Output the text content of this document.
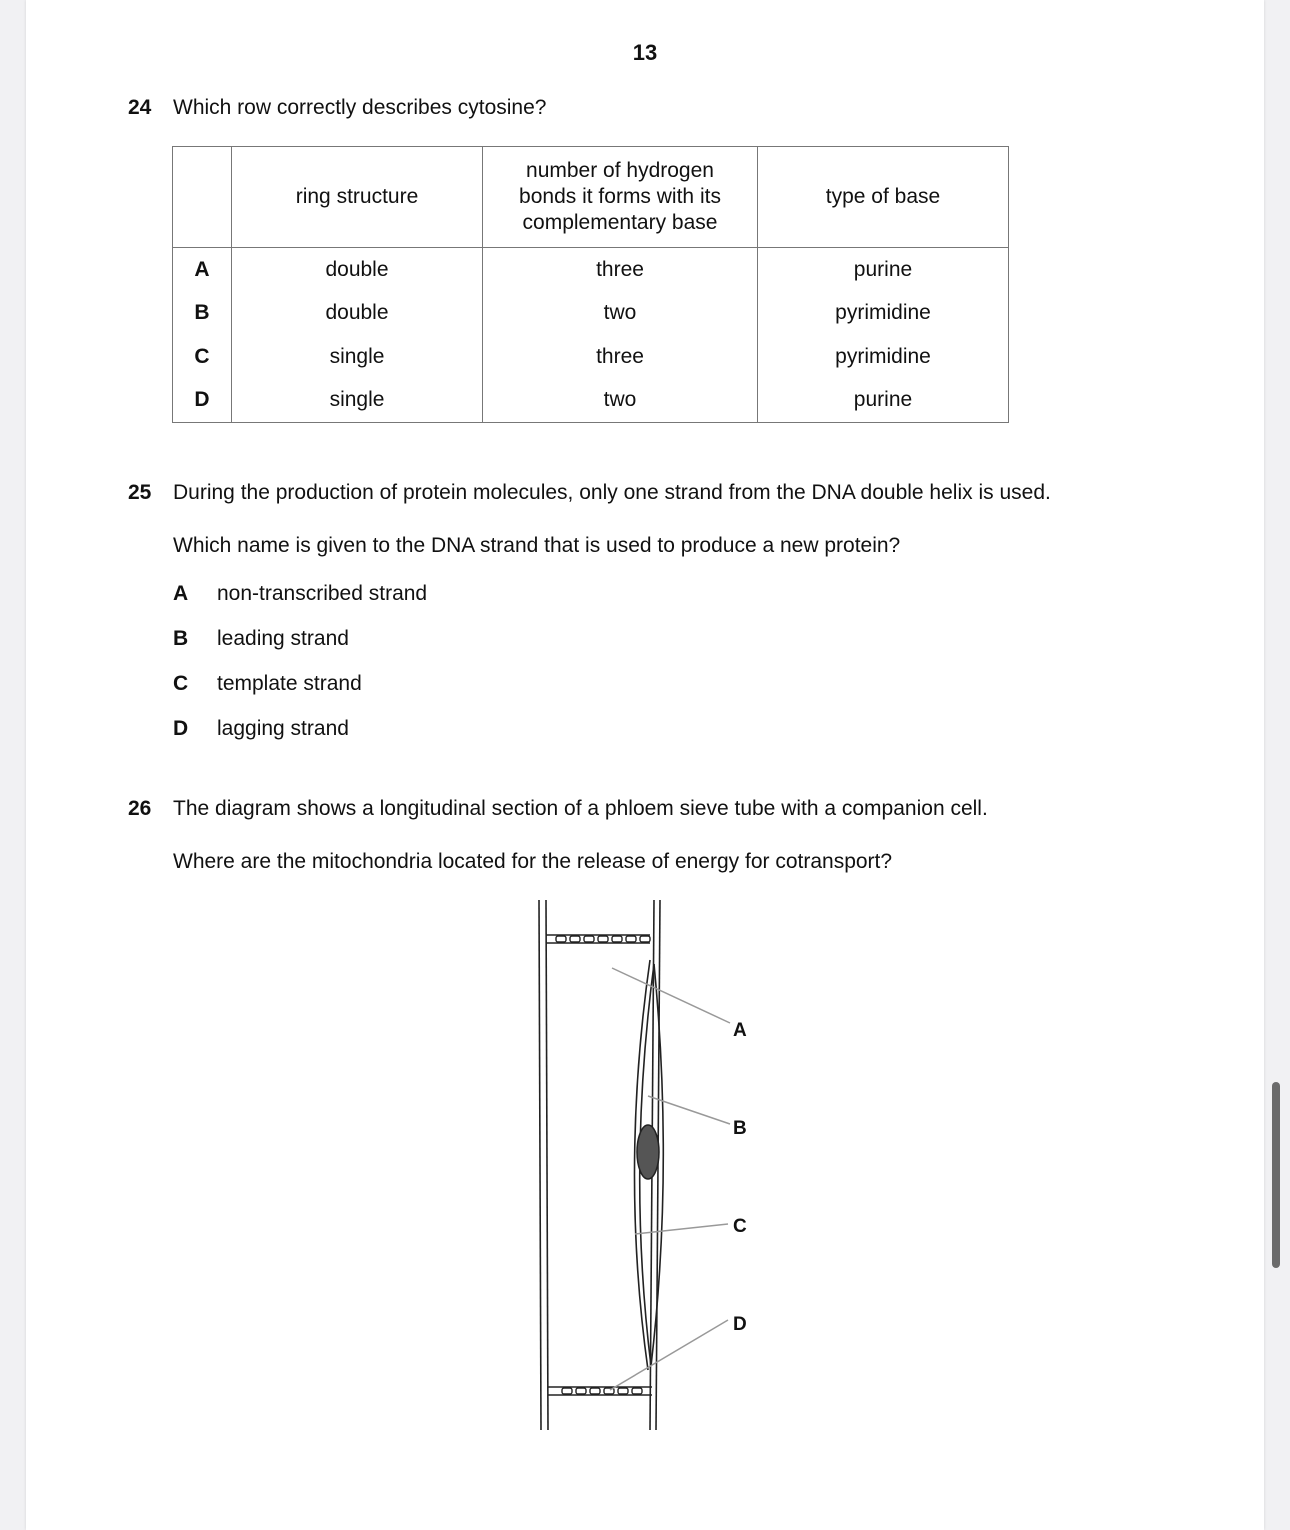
13
24 Which row correctly describes cytosine?
	ring structure	number of hydrogen bonds it forms with its complementary base	type of base
A	double	three	purine
B	double	two	pyrimidine
C	single	three	pyrimidine
D	single	two	purine
25 During the production of protein molecules, only one strand from the DNA double helix is used.
Which name is given to the DNA strand that is used to produce a new protein?
A non-transcribed strand
B leading strand
C template strand
D lagging strand
26 The diagram shows a longitudinal section of a phloem sieve tube with a companion cell.
Where are the mitochondria located for the release of energy for cotransport?
A
B
C
D
